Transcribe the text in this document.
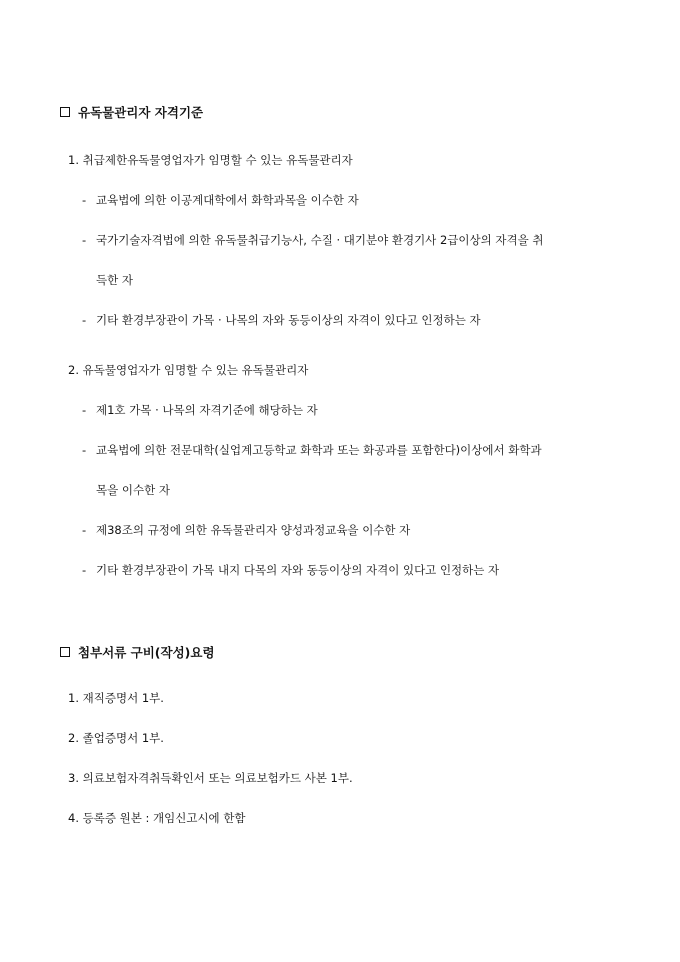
유독물관리자 자격기준
1. 취급제한유독물영업자가 임명할 수 있는 유독물관리자
- 교육법에 의한 이공계대학에서 화학과목을 이수한 자
- 국가기술자격법에 의한 유독물취급기능사, 수질 · 대기분야 환경기사 2급이상의 자격을 취
득한 자
- 기타 환경부장관이 가목 · 나목의 자와 동등이상의 자격이 있다고 인정하는 자
2. 유독물영업자가 임명할 수 있는 유독물관리자
- 제1호 가목 · 나목의 자격기준에 해당하는 자
- 교육법에 의한 전문대학(실업계고등학교 화학과 또는 화공과를 포함한다)이상에서 화학과
목을 이수한 자
- 제38조의 규정에 의한 유독물관리자 양성과정교육을 이수한 자
- 기타 환경부장관이 가목 내지 다목의 자와 동등이상의 자격이 있다고 인정하는 자
첨부서류 구비(작성)요령
1. 재직증명서 1부.
2. 졸업증명서 1부.
3. 의료보험자격취득확인서 또는 의료보험카드 사본 1부.
4. 등록증 원본 : 개임신고시에 한함
